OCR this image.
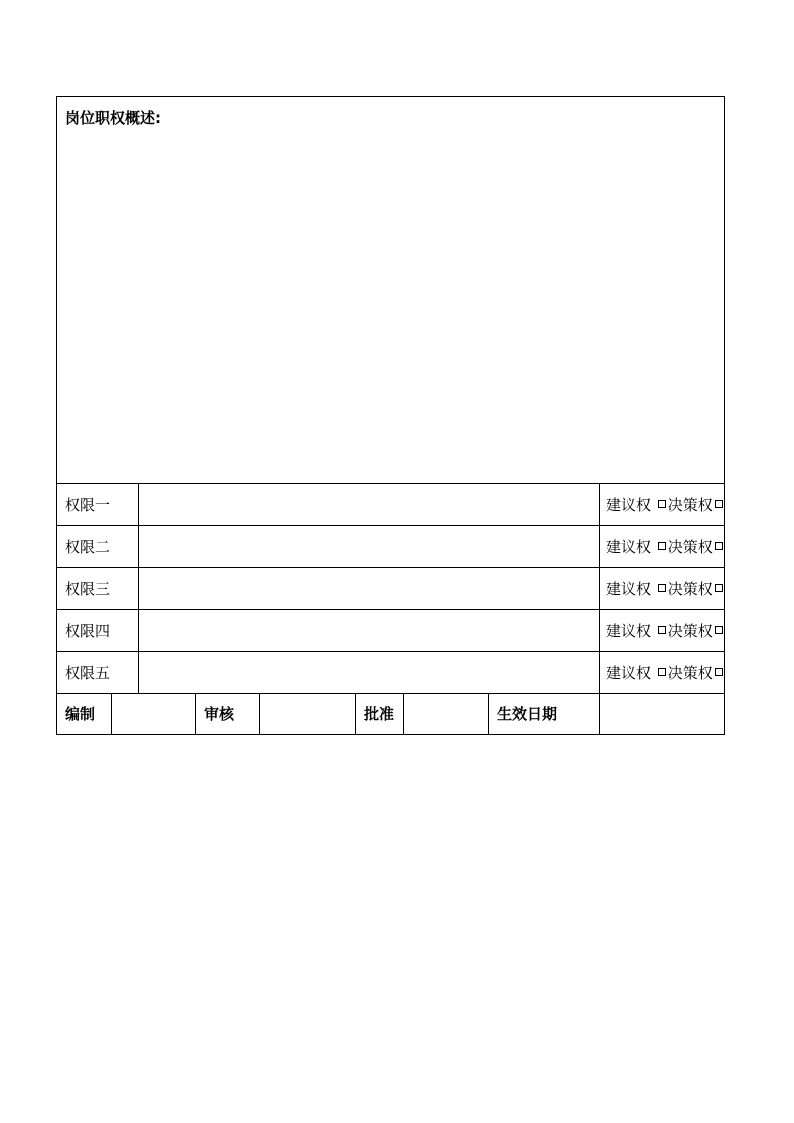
岗位职权概述:								

权限一								建议权 决策权
权限二								建议权 决策权
权限三								建议权 决策权
权限四								建议权 决策权
权限五								建议权 决策权
编制			审核		批准		生效日期	
